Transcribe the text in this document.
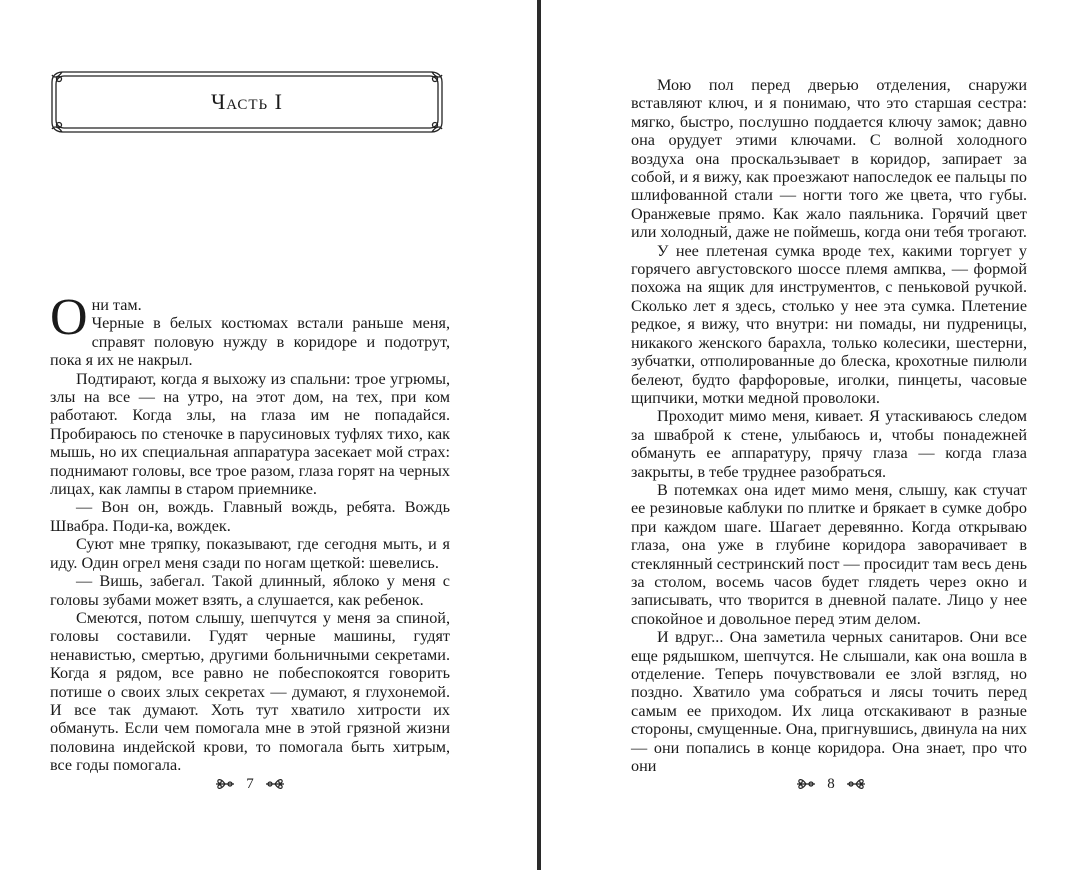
Часть I

Они там.
Черные в белых костюмах встали раньше меня, справят половую нужду в коридоре и подотрут, пока я их не накрыл.

Подтирают, когда я выхожу из спальни: трое угрюмы, злы на все — на утро, на этот дом, на тех, при ком работают. Когда злы, на глаза им не попадайся. Пробираюсь по стеночке в парусиновых туфлях тихо, как мышь, но их специальная аппаратура засекает мой страх: поднимают головы, все трое разом, глаза горят на черных лицах, как лампы в старом приемнике.

— Вон он, вождь. Главный вождь, ребята. Вождь Швабра. Поди-ка, вождек.

Суют мне тряпку, показывают, где сегодня мыть, и я иду. Один огрел меня сзади по ногам щеткой: шевелись.

— Вишь, забегал. Такой длинный, яблоко у меня с головы зубами может взять, а слушается, как ребенок.

Смеются, потом слышу, шепчутся у меня за спиной, головы составили. Гудят черные машины, гудят ненавистью, смертью, другими больничными секретами. Когда я рядом, все равно не побеспокоятся говорить потише о своих злых секретах — думают, я глухонемой. И все так думают. Хоть тут хватило хитрости их обмануть. Если чем помогала мне в этой грязной жизни половина индейской крови, то помогала быть хитрым, все годы помогала.

7

Мою пол перед дверью отделения, снаружи вставляют ключ, и я понимаю, что это старшая сестра: мягко, быстро, послушно поддается ключу замок; давно она орудует этими ключами. С волной холодного воздуха она проскальзывает в коридор, запирает за собой, и я вижу, как проезжают напоследок ее пальцы по шлифованной стали — ногти того же цвета, что губы. Оранжевые прямо. Как жало паяльника. Горячий цвет или холодный, даже не поймешь, когда они тебя трогают.

У нее плетеная сумка вроде тех, какими торгует у горячего августовского шоссе племя ампква, — формой похожа на ящик для инструментов, с пеньковой ручкой. Сколько лет я здесь, столько у нее эта сумка. Плетение редкое, я вижу, что внутри: ни помады, ни пудреницы, никакого женского барахла, только колесики, шестерни, зубчатки, отполированные до блеска, крохотные пилюли белеют, будто фарфоровые, иголки, пинцеты, часовые щипчики, мотки медной проволоки.

Проходит мимо меня, кивает. Я утаскиваюсь следом за шваброй к стене, улыбаюсь и, чтобы понадежней обмануть ее аппаратуру, прячу глаза — когда глаза закрыты, в тебе труднее разобраться.

В потемках она идет мимо меня, слышу, как стучат ее резиновые каблуки по плитке и брякает в сумке добро при каждом шаге. Шагает деревянно. Когда открываю глаза, она уже в глубине коридора заворачивает в стеклянный сестринский пост — просидит там весь день за столом, восемь часов будет глядеть через окно и записывать, что творится в дневной палате. Лицо у нее спокойное и довольное перед этим делом.

И вдруг... Она заметила черных санитаров. Они все еще рядышком, шепчутся. Не слышали, как она вошла в отделение. Теперь почувствовали ее злой взгляд, но поздно. Хватило ума собраться и лясы точить перед самым ее приходом. Их лица отскакивают в разные стороны, смущенные. Она, пригнувшись, двинула на них — они попались в конце коридора. Она знает, про что они

8
